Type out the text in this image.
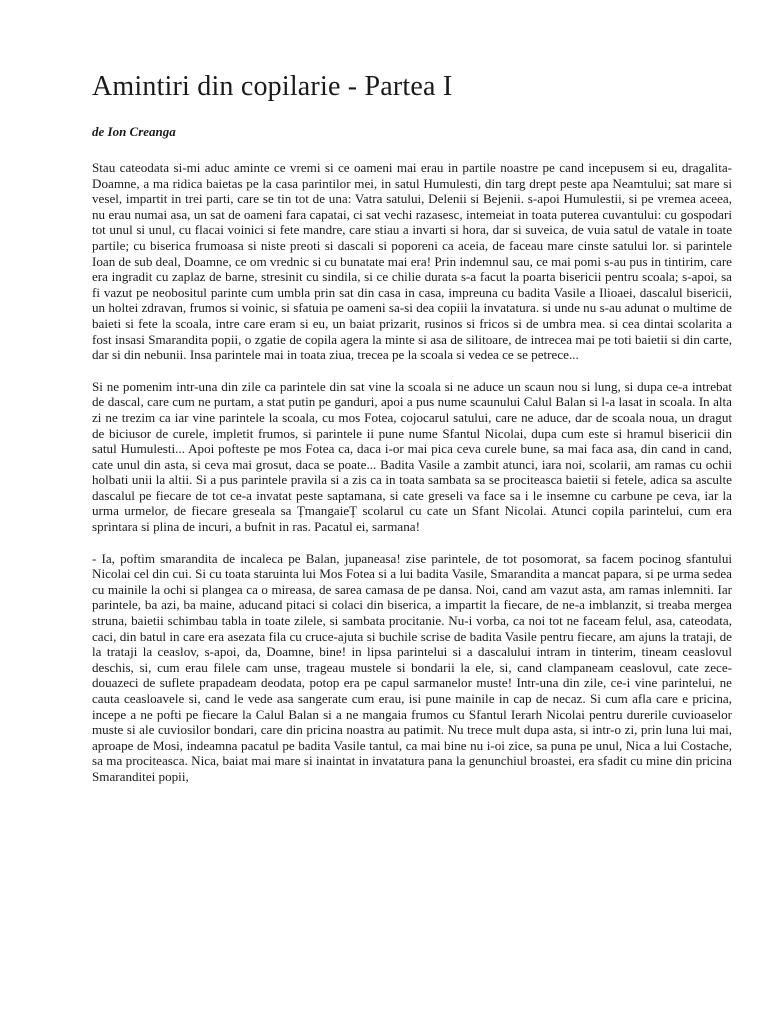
Amintiri din copilarie - Partea I
de Ion Creanga

Stau cateodata si-mi aduc aminte ce vremi si ce oameni mai erau in partile noastre pe cand incepusem si eu, dragalita-Doamne, a ma ridica baietas pe la casa parintilor mei, in satul Humulesti, din targ drept peste apa Neamtului; sat mare si vesel, impartit in trei parti, care se tin tot de una: Vatra satului, Delenii si Bejenii. s-apoi Humulestii, si pe vremea aceea, nu erau numai asa, un sat de oameni fara capatai, ci sat vechi razasesc, intemeiat in toata puterea cuvantului: cu gospodari tot unul si unul, cu flacai voinici si fete mandre, care stiau a invarti si hora, dar si suveica, de vuia satul de vatale in toate partile; cu biserica frumoasa si niste preoti si dascali si poporeni ca aceia, de faceau mare cinste satului lor. si parintele Ioan de sub deal, Doamne, ce om vrednic si cu bunatate mai era! Prin indemnul sau, ce mai pomi s-au pus in tintirim, care era ingradit cu zaplaz de barne, stresinit cu sindila, si ce chilie durata s-a facut la poarta bisericii pentru scoala; s-apoi, sa fi vazut pe neobositul parinte cum umbla prin sat din casa in casa, impreuna cu badita Vasile a Ilioaei, dascalul bisericii, un holtei zdravan, frumos si voinic, si sfatuia pe oameni sa-si dea copiii la invatatura. si unde nu s-au adunat o multime de baieti si fete la scoala, intre care eram si eu, un baiat prizarit, rusinos si fricos si de umbra mea. si cea dintai scolarita a fost insasi Smarandita popii, o zgatie de copila agera la minte si asa de silitoare, de intrecea mai pe toti baietii si din carte, dar si din nebunii. Insa parintele mai in toata ziua, trecea pe la scoala si vedea ce se petrece...

Si ne pomenim intr-una din zile ca parintele din sat vine la scoala si ne aduce un scaun nou si lung, si dupa ce-a intrebat de dascal, care cum ne purtam, a stat putin pe ganduri, apoi a pus nume scaunului Calul Balan si l-a lasat in scoala. In alta zi ne trezim ca iar vine parintele la scoala, cu mos Fotea, cojocarul satului, care ne aduce, dar de scoala noua, un dragut de biciusor de curele, impletit frumos, si parintele ii pune nume Sfantul Nicolai, dupa cum este si hramul bisericii din satul Humulesti... Apoi pofteste pe mos Fotea ca, daca i-or mai pica ceva curele bune, sa mai faca asa, din cand in cand, cate unul din asta, si ceva mai grosut, daca se poate... Badita Vasile a zambit atunci, iara noi, scolarii, am ramas cu ochii holbati unii la altii. Si a pus parintele pravila si a zis ca in toata sambata sa se prociteasca baietii si fetele, adica sa asculte dascalul pe fiecare de tot ce-a invatat peste saptamana, si cate greseli va face sa i le insemne cu carbune pe ceva, iar la urma urmelor, de fiecare greseala sa ȚmangaieȚ scolarul cu cate un Sfant Nicolai. Atunci copila parintelui, cum era sprintara si plina de incuri, a bufnit in ras. Pacatul ei, sarmana!

- Ia, poftim smarandita de incaleca pe Balan, jupaneasa! zise parintele, de tot posomorat, sa facem pocinog sfantului Nicolai cel din cui. Si cu toata staruinta lui Mos Fotea si a lui badita Vasile, Smarandita a mancat papara, si pe urma sedea cu mainile la ochi si plangea ca o mireasa, de sarea camasa de pe dansa. Noi, cand am vazut asta, am ramas inlemniti. Iar parintele, ba azi, ba maine, aducand pitaci si colaci din biserica, a impartit la fiecare, de ne-a imblanzit, si treaba mergea struna, baietii schimbau tabla in toate zilele, si sambata procitanie. Nu-i vorba, ca noi tot ne faceam felul, asa, cateodata, caci, din batul in care era asezata fila cu cruce-ajuta si buchile scrise de badita Vasile pentru fiecare, am ajuns la trataji, de la trataji la ceaslov, s-apoi, da, Doamne, bine! in lipsa parintelui si a dascalului intram in tinterim, tineam ceaslovul deschis, si, cum erau filele cam unse, trageau mustele si bondarii la ele, si, cand clampaneam ceaslovul, cate zece-douazeci de suflete prapadeam deodata, potop era pe capul sarmanelor muste! Intr-una din zile, ce-i vine parintelui, ne cauta ceasloavele si, cand le vede asa sangerate cum erau, isi pune mainile in cap de necaz. Si cum afla care e pricina, incepe a ne pofti pe fiecare la Calul Balan si a ne mangaia frumos cu Sfantul Ierarh Nicolai pentru durerile cuvioaselor muste si ale cuviosilor bondari, care din pricina noastra au patimit. Nu trece mult dupa asta, si intr-o zi, prin luna lui mai, aproape de Mosi, indeamna pacatul pe badita Vasile tantul, ca mai bine nu i-oi zice, sa puna pe unul, Nica a lui Costache, sa ma prociteasca. Nica, baiat mai mare si inaintat in invatatura pana la genunchiul broastei, era sfadit cu mine din pricina Smaranditei popii,
